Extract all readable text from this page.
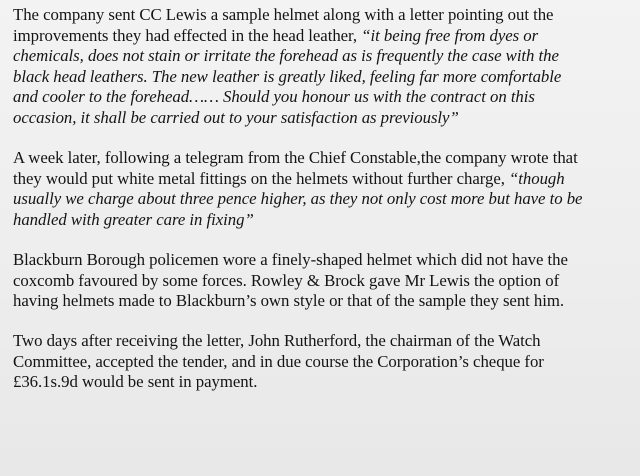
The company sent CC Lewis a sample helmet along with a letter pointing out the
improvements they had effected in the head leather, “it being free from dyes or
chemicals, does not stain or irritate the forehead as is frequently the case with the
black head leathers. The new leather is greatly liked, feeling far more comfortable
and cooler to the forehead…… Should you honour us with the contract on this
occasion, it shall be carried out to your satisfaction as previously”
A week later, following a telegram from the Chief Constable,the company wrote that
they would put white metal fittings on the helmets without further charge, “though
usually we charge about three pence higher, as they not only cost more but have to be
handled with greater care in fixing”
Blackburn Borough policemen wore a finely-shaped helmet which did not have the
coxcomb favoured by some forces. Rowley & Brock gave Mr Lewis the option of
having helmets made to Blackburn’s own style or that of the sample they sent him.
Two days after receiving the letter, John Rutherford, the chairman of the Watch
Committee, accepted the tender, and in due course the Corporation’s cheque for
£36.1s.9d would be sent in payment.
